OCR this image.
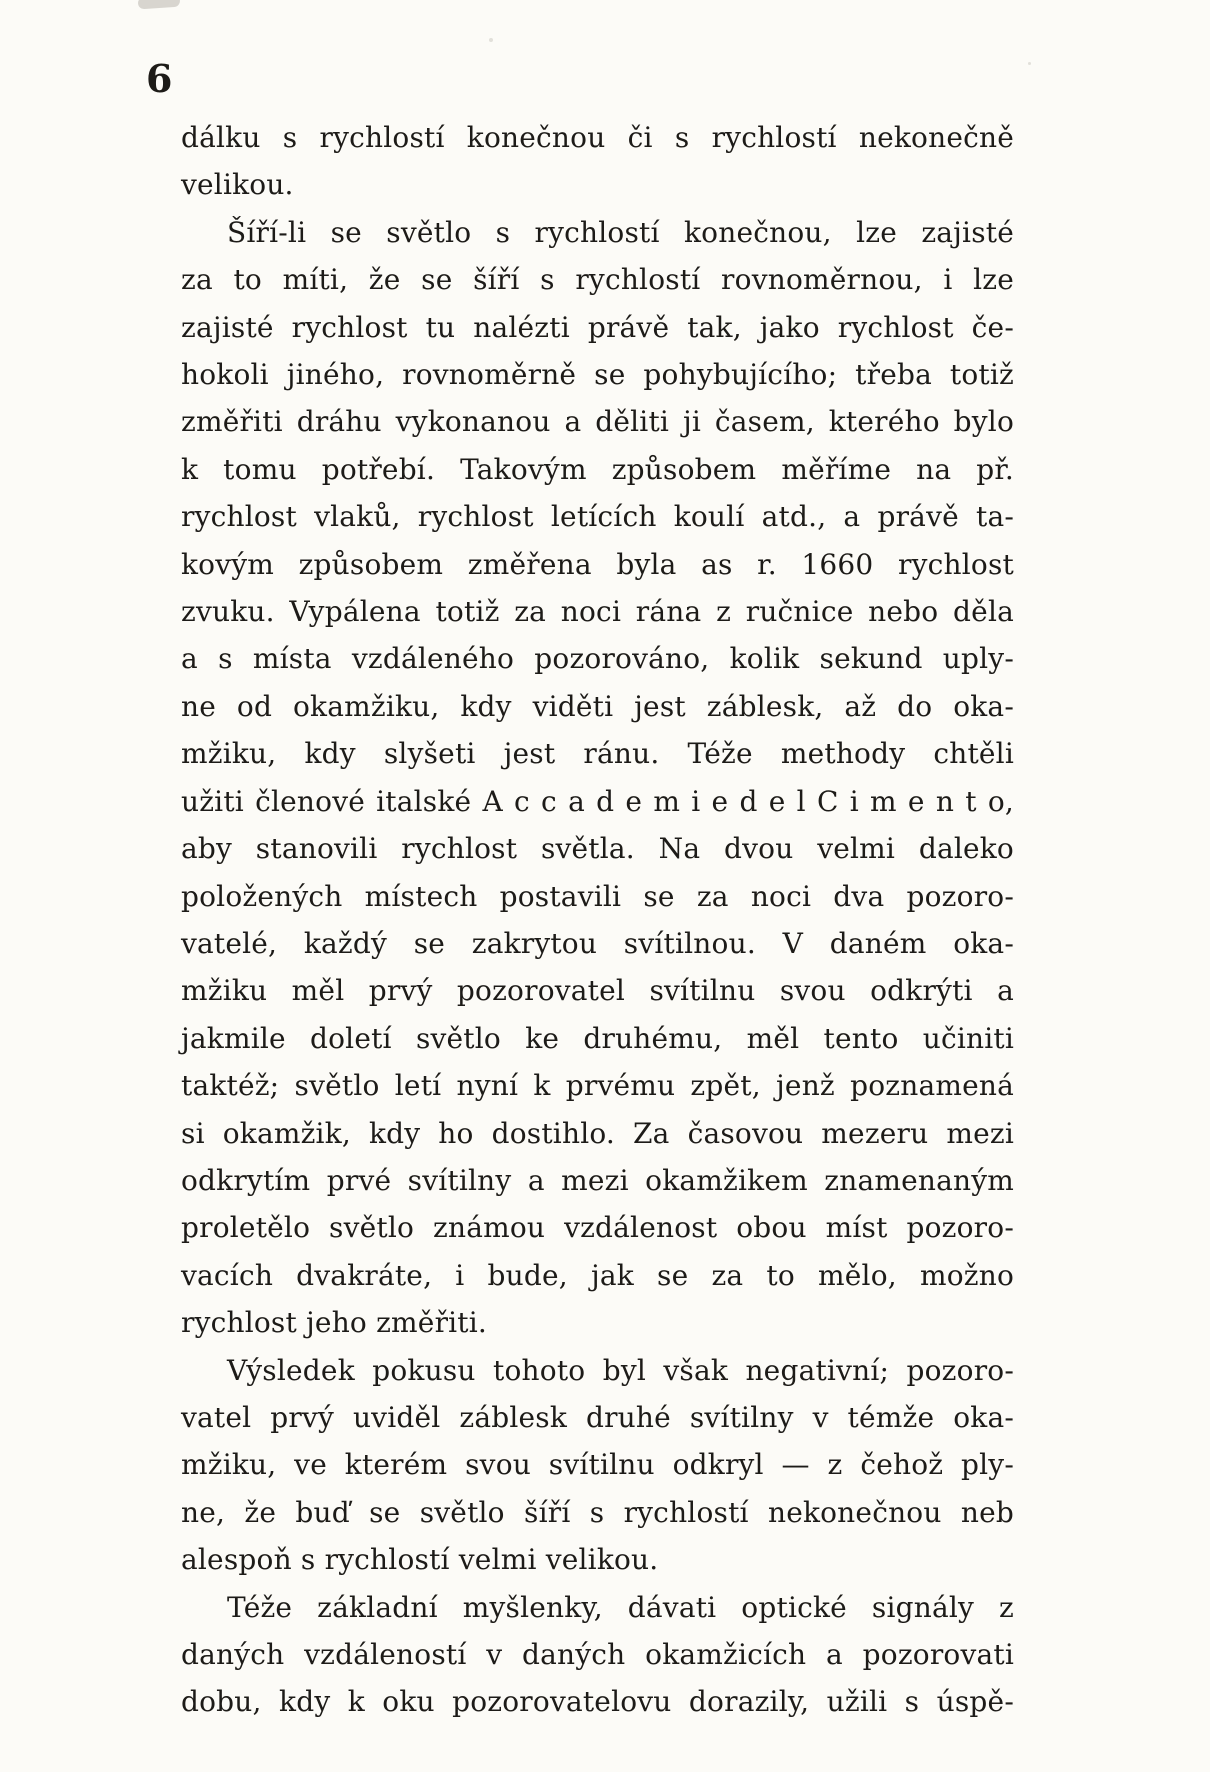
6
dálku s rychlostí konečnou či s rychlostí nekonečně
velikou.
Šíří-li se světlo s rychlostí konečnou, lze zajisté
za to míti, že se šíří s rychlostí rovnoměrnou, i lze
zajisté rychlost tu nalézti právě tak, jako rychlost če-
hokoli jiného, rovnoměrně se pohybujícího; třeba totiž
změřiti dráhu vykonanou a děliti ji časem, kterého bylo
k tomu potřebí. Takovým způsobem měříme na př.
rychlost vlaků, rychlost letících koulí atd., a právě ta-
kovým způsobem změřena byla as r. 1660 rychlost
zvuku. Vypálena totiž za noci rána z ručnice nebo děla
a s místa vzdáleného pozorováno, kolik sekund uply-
ne od okamžiku, kdy viděti jest záblesk, až do oka-
mžiku, kdy slyšeti jest ránu. Téže methody chtěli
užiti členové italské A c c a d e m i e d e l C i m e n t o,
aby stanovili rychlost světla. Na dvou velmi daleko
položených místech postavili se za noci dva pozoro-
vatelé, každý se zakrytou svítilnou. V daném oka-
mžiku měl prvý pozorovatel svítilnu svou odkrýti a
jakmile doletí světlo ke druhému, měl tento učiniti
taktéž; světlo letí nyní k prvému zpět, jenž poznamená
si okamžik, kdy ho dostihlo. Za časovou mezeru mezi
odkrytím prvé svítilny a mezi okamžikem znamenaným
proletělo světlo známou vzdálenost obou míst pozoro-
vacích dvakráte, i bude, jak se za to mělo, možno
rychlost jeho změřiti.
Výsledek pokusu tohoto byl však negativní; pozoro-
vatel prvý uviděl záblesk druhé svítilny v témže oka-
mžiku, ve kterém svou svítilnu odkryl — z čehož ply-
ne, že buď se světlo šíří s rychlostí nekonečnou neb
alespoň s rychlostí velmi velikou.
Téže základní myšlenky, dávati optické signály z
daných vzdáleností v daných okamžicích a pozorovati
dobu, kdy k oku pozorovatelovu dorazily, užili s úspě-
